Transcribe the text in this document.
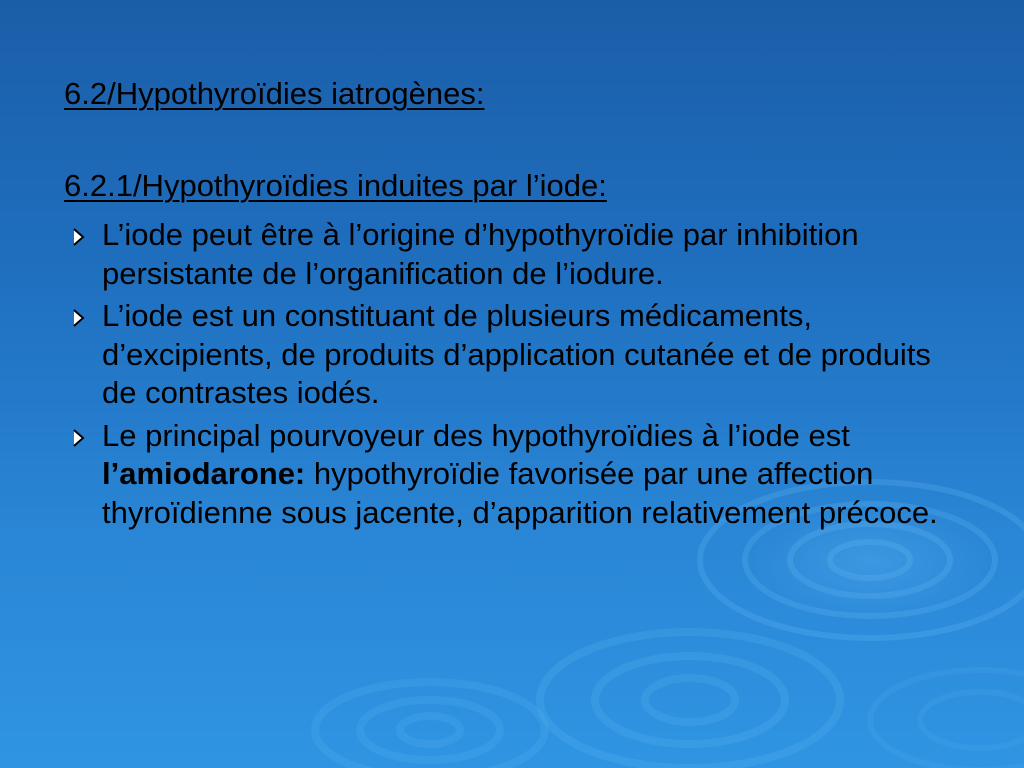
6.2/Hypothyroïdies iatrogènes:
6.2.1/Hypothyroïdies induites par l’iode:
L’iode peut être à l’origine d’hypothyroïdie par inhibition persistante de l’organification de l’iodure.
L’iode est un constituant de plusieurs médicaments, d’excipients, de produits d’application cutanée et de produits de contrastes iodés.
Le principal pourvoyeur des hypothyroïdies à l’iode est l’amiodarone: hypothyroïdie favorisée par une affection thyroïdienne sous jacente, d’apparition relativement précoce.
